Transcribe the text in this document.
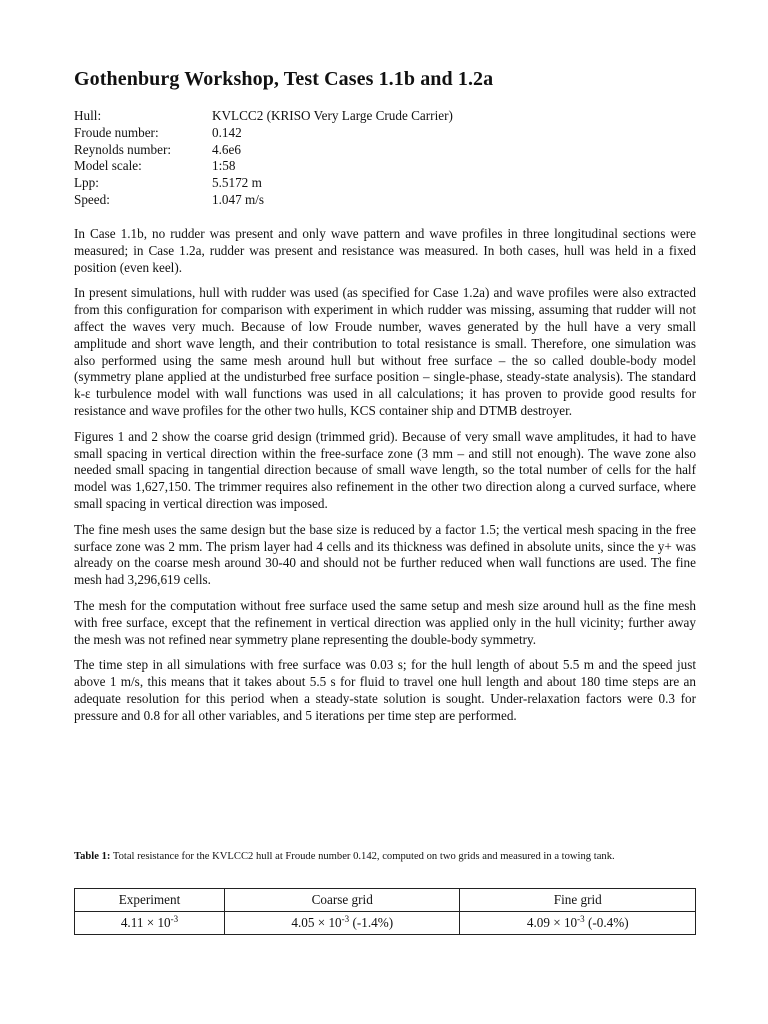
Gothenburg Workshop, Test Cases 1.1b and 1.2a
Hull:	KVLCC2 (KRISO Very Large Crude Carrier)
Froude number:	0.142
Reynolds number:	4.6e6
Model scale:	1:58
Lpp:	5.5172 m
Speed:	1.047 m/s

In Case 1.1b, no rudder was present and only wave pattern and wave profiles in three longitudinal sections were measured; in Case 1.2a, rudder was present and resistance was measured. In both cases, hull was held in a fixed position (even keel).

In present simulations, hull with rudder was used (as specified for Case 1.2a) and wave profiles were also extracted from this configuration for comparison with experiment in which rudder was missing, assuming that rudder will not affect the waves very much. Because of low Froude number, waves generated by the hull have a very small amplitude and short wave length, and their contribution to total resistance is small. Therefore, one simulation was also performed using the same mesh around hull but without free surface – the so called double-body model (symmetry plane applied at the undisturbed free surface position – single-phase, steady-state analysis). The standard k-ε turbulence model with wall functions was used in all calculations; it has proven to provide good results for resistance and wave profiles for the other two hulls, KCS container ship and DTMB destroyer.

Figures 1 and 2 show the coarse grid design (trimmed grid). Because of very small wave amplitudes, it had to have small spacing in vertical direction within the free-surface zone (3 mm – and still not enough). The wave zone also needed small spacing in tangential direction because of small wave length, so the total number of cells for the half model was 1,627,150. The trimmer requires also refinement in the other two direction along a curved surface, where small spacing in vertical direction was imposed.

The fine mesh uses the same design but the base size is reduced by a factor 1.5; the vertical mesh spacing in the free surface zone was 2 mm. The prism layer had 4 cells and its thickness was defined in absolute units, since the y+ was already on the coarse mesh around 30-40 and should not be further reduced when wall functions are used. The fine mesh had 3,296,619 cells.

The mesh for the computation without free surface used the same setup and mesh size around hull as the fine mesh with free surface, except that the refinement in vertical direction was applied only in the hull vicinity; further away the mesh was not refined near symmetry plane representing the double-body symmetry.

The time step in all simulations with free surface was 0.03 s; for the hull length of about 5.5 m and the speed just above 1 m/s, this means that it takes about 5.5 s for fluid to travel one hull length and about 180 time steps are an adequate resolution for this period when a steady-state solution is sought. Under-relaxation factors were 0.3 for pressure and 0.8 for all other variables, and 5 iterations per time step are performed.

Table 1: Total resistance for the KVLCC2 hull at Froude number 0.142, computed on two grids and measured in a towing tank.
Experiment	Coarse grid	Fine grid
$4.11 \times 10^{-3}$	$4.05 \times 10^{-3}$ (-1.4%)	$4.09 \times 10^{-3}$ (-0.4%)
